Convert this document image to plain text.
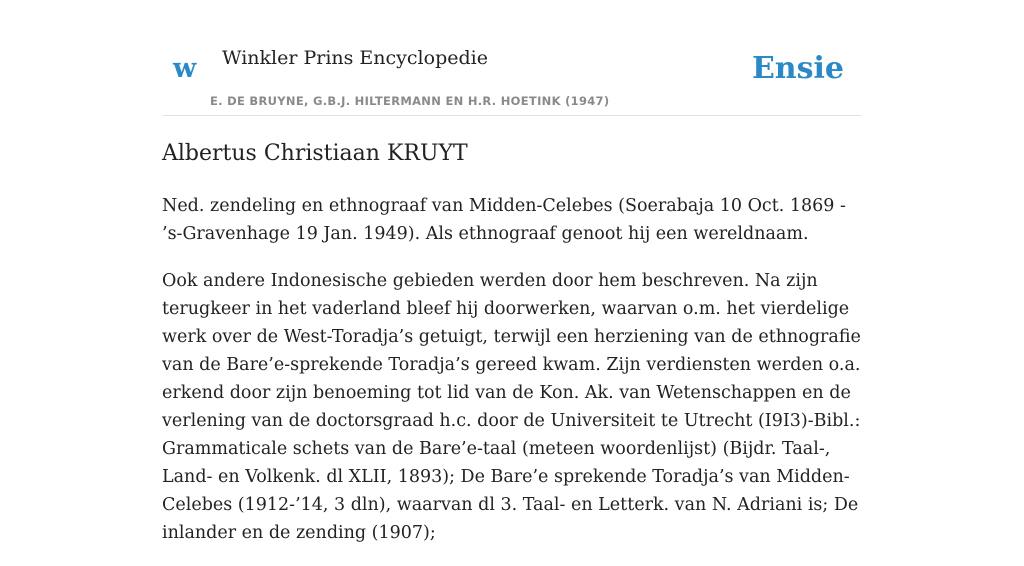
w Winkler Prins Encyclopedie
E. DE BRUYNE, G.B.J. HILTERMANN EN H.R. HOETINK (1947)
Ensie
Albertus Christiaan KRUYT

Ned. zendeling en ethnograaf van Midden-Celebes (Soerabaja 10 Oct. 1869 - ’s-Gravenhage 19 Jan. 1949). Als ethnograaf genoot hij een wereldnaam.

Ook andere Indonesische gebieden werden door hem beschreven. Na zijn terugkeer in het vaderland bleef hij doorwerken, waarvan o.m. het vierdelige werk over de West-Toradja’s getuigt, terwijl een herziening van de ethnografie van de Bare’e-sprekende Toradja’s gereed kwam. Zijn verdiensten werden o.a. erkend door zijn benoeming tot lid van de Kon. Ak. van Wetenschappen en de verlening van de doctorsgraad h.c. door de Universiteit te Utrecht (I9I3)-Bibl.: Grammaticale schets van de Bare’e-taal (meteen woordenlijst) (Bijdr. Taal-, Land- en Volkenk. dl XLII, 1893); De Bare’e sprekende Toradja’s van Midden-Celebes (1912-’14, 3 dln), waarvan dl 3. Taal- en Letterk. van N. Adriani is; De inlander en de zending (1907);
